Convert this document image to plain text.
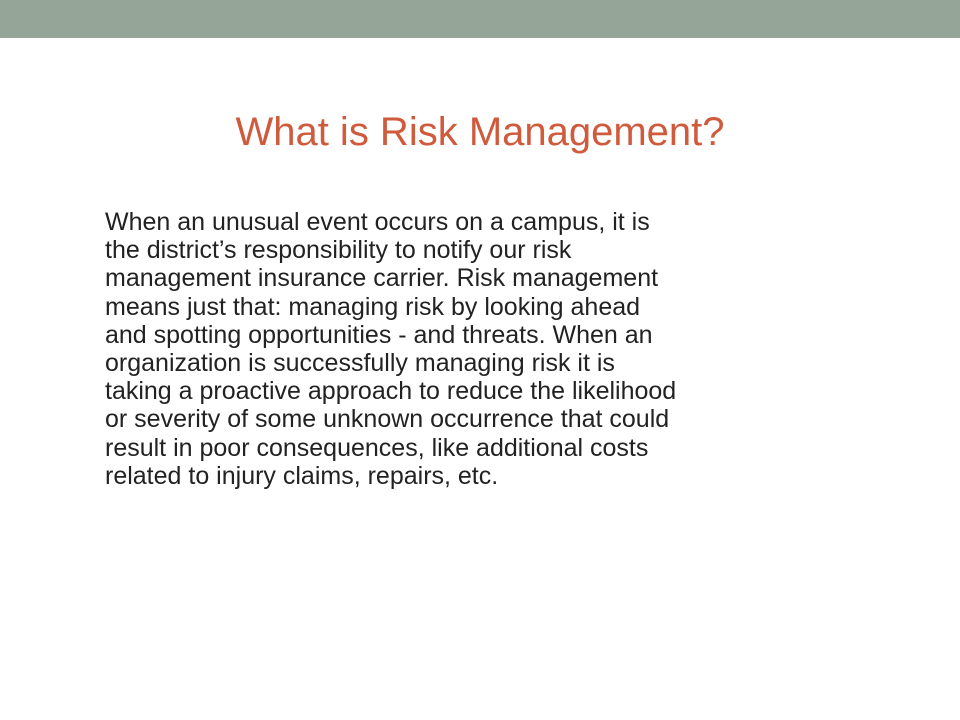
What is Risk Management?
When an unusual event occurs on a campus, it is
the district’s responsibility to notify our risk
management insurance carrier. Risk management
means just that: managing risk by looking ahead
and spotting opportunities - and threats. When an
organization is successfully managing risk it is
taking a proactive approach to reduce the likelihood
or severity of some unknown occurrence that could
result in poor consequences, like additional costs
related to injury claims, repairs, etc.
